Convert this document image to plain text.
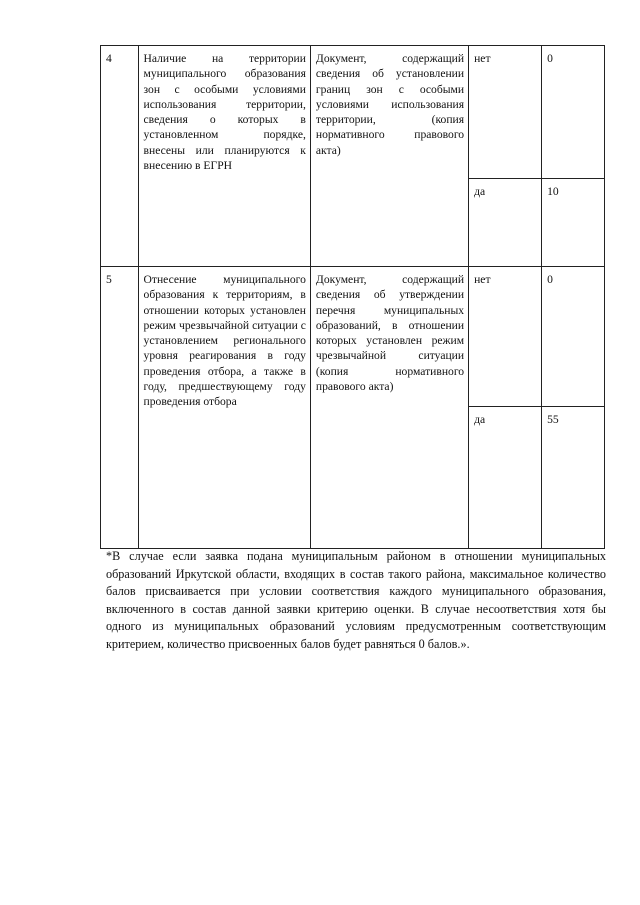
4	Наличие на территории муниципального образования зон с особыми условиями использования территории, сведения о которых в установленном порядке, внесены или планируются к внесению в ЕГРН	Документ, содержащий сведения об установлении границ зон с особыми условиями использования территории, (копия нормативного правового акта)	нет	0
			да	10
5	Отнесение муниципального образования к территориям, в отношении которых установлен режим чрезвычайной ситуации с установлением регионального уровня реагирования в году проведения отбора, а также в году, предшествующему году проведения отбора	Документ, содержащий сведения об утверждении перечня муниципальных образований, в отношении которых установлен режим чрезвычайной ситуации (копия нормативного правового акта)	нет	0
			да	55
*В случае если заявка подана муниципальным районом в отношении муниципальных образований Иркутской области, входящих в состав такого района, максимальное количество балов присваивается при условии соответствия каждого муниципального образования, включенного в состав данной заявки критерию оценки. В случае несоответствия хотя бы одного из муниципальных образований условиям предусмотренным соответствующим критерием, количество присвоенных балов будет равняться 0 балов.».
